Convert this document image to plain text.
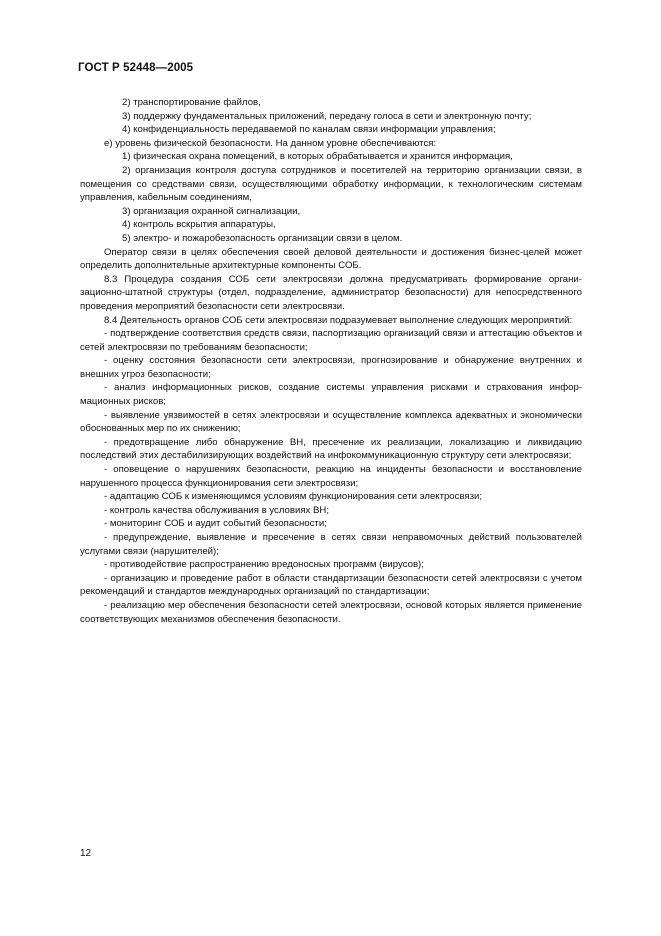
ГОСТ Р 52448—2005

2) транспортирование файлов,

3) поддержку фундаментальных приложений, передачу голоса в сети и электронную почту;

4) конфиденциальность передаваемой по каналам связи информации управления;

е) уровень физической безопасности. На данном уровне обеспечиваются:

1) физическая охрана помещений, в которых обрабатывается и хранится информация,

2) организация контроля доступа сотрудников и посетителей на территорию организации связи, в помещения со средствами связи, осуществляющими обработку информации, к технологическим системам управления, кабельным соединениям,

3) организация охранной сигнализации,

4) контроль вскрытия аппаратуры,

5) электро- и пожаробезопасность организации связи в целом.

Оператор связи в целях обеспечения своей деловой деятельности и достижения бизнес-целей может определить дополнительные архитектурные компоненты СОБ.

8.3 Процедура создания СОБ сети электросвязи должна предусматривать формирование организационно-штатной структуры (отдел, подразделение, администратор безопасности) для непосредственного проведения мероприятий безопасности сети электросвязи.

8.4 Деятельность органов СОБ сети электросвязи подразумевает выполнение следующих мероприятий:

- подтверждение соответствия средств связи, паспортизацию организаций связи и аттестацию объектов и сетей электросвязи по требованиям безопасности;

- оценку состояния безопасности сети электросвязи, прогнозирование и обнаружение внутренних и внешних угроз безопасности;

- анализ информационных рисков, создание системы управления рисками и страхования информационных рисков;

- выявление уязвимостей в сетях электросвязи и осуществление комплекса адекватных и экономически обоснованных мер по их снижению;

- предотвращение либо обнаружение ВН, пресечение их реализации, локализацию и ликвидацию последствий этих дестабилизирующих воздействий на инфокоммуникационную структуру сети электросвязи;

- оповещение о нарушениях безопасности, реакцию на инциденты безопасности и восстановление нарушенного процесса функционирования сети электросвязи;

- адаптацию СОБ к изменяющимся условиям функционирования сети электросвязи;

- контроль качества обслуживания в условиях ВН;

- мониторинг СОБ и аудит событий безопасности;

- предупреждение, выявление и пресечение в сетях связи неправомочных действий пользователей услугами связи (нарушителей);

- противодействие распространению вредоносных программ (вирусов);

- организацию и проведение работ в области стандартизации безопасности сетей электросвязи с учетом рекомендаций и стандартов международных организаций по стандартизации;

- реализацию мер обеспечения безопасности сетей электросвязи, основой которых является применение соответствующих механизмов обеспечения безопасности.

12
